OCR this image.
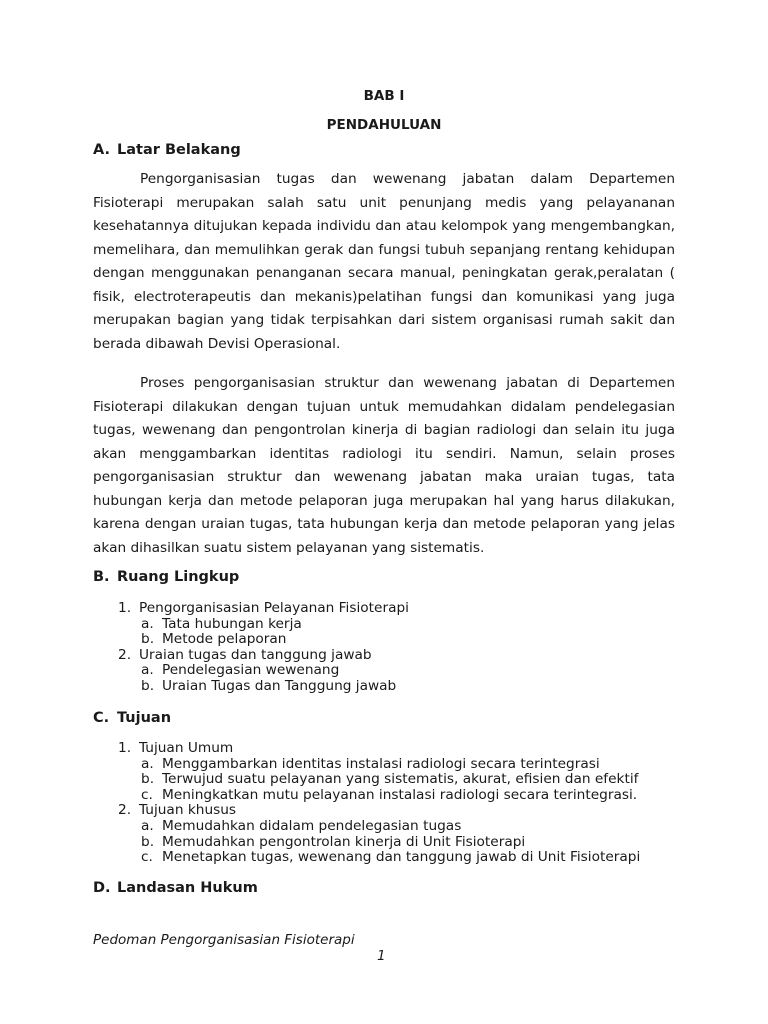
BAB I
PENDAHULUAN
A. Latar Belakang

Pengorganisasian tugas dan wewenang jabatan dalam Departemen Fisioterapi merupakan salah satu unit penunjang medis yang pelayananan kesehatannya ditujukan kepada individu dan atau kelompok yang mengembangkan, memelihara, dan memulihkan gerak dan fungsi tubuh sepanjang rentang kehidupan dengan menggunakan penanganan secara manual, peningkatan gerak,peralatan ( fisik, electroterapeutis dan mekanis)pelatihan fungsi dan komunikasi yang juga merupakan bagian yang tidak terpisahkan dari sistem organisasi rumah sakit dan berada dibawah Devisi Operasional.

Proses pengorganisasian struktur dan wewenang jabatan di Departemen Fisioterapi dilakukan dengan tujuan untuk memudahkan didalam pendelegasian tugas, wewenang dan pengontrolan kinerja di bagian radiologi dan selain itu juga akan menggambarkan identitas radiologi itu sendiri. Namun, selain proses pengorganisasian struktur dan wewenang jabatan maka uraian tugas, tata hubungan kerja dan metode pelaporan juga merupakan hal yang harus dilakukan, karena dengan uraian tugas, tata hubungan kerja dan metode pelaporan yang jelas akan dihasilkan suatu sistem pelayanan yang sistematis.

B. Ruang Lingkup
1. Pengorganisasian Pelayanan Fisioterapi
a. Tata hubungan kerja
b. Metode pelaporan
2. Uraian tugas dan tanggung jawab
a. Pendelegasian wewenang
b. Uraian Tugas dan Tanggung jawab
C. Tujuan
1. Tujuan Umum
a. Menggambarkan identitas instalasi radiologi secara terintegrasi
b. Terwujud suatu pelayanan yang sistematis, akurat, efisien dan efektif
c. Meningkatkan mutu pelayanan instalasi radiologi secara terintegrasi.
2. Tujuan khusus
a. Memudahkan didalam pendelegasian tugas
b. Memudahkan pengontrolan kinerja di Unit Fisioterapi
c. Menetapkan tugas, wewenang dan tanggung jawab di Unit Fisioterapi
D. Landasan Hukum
Pedoman Pengorganisasian Fisioterapi
1
